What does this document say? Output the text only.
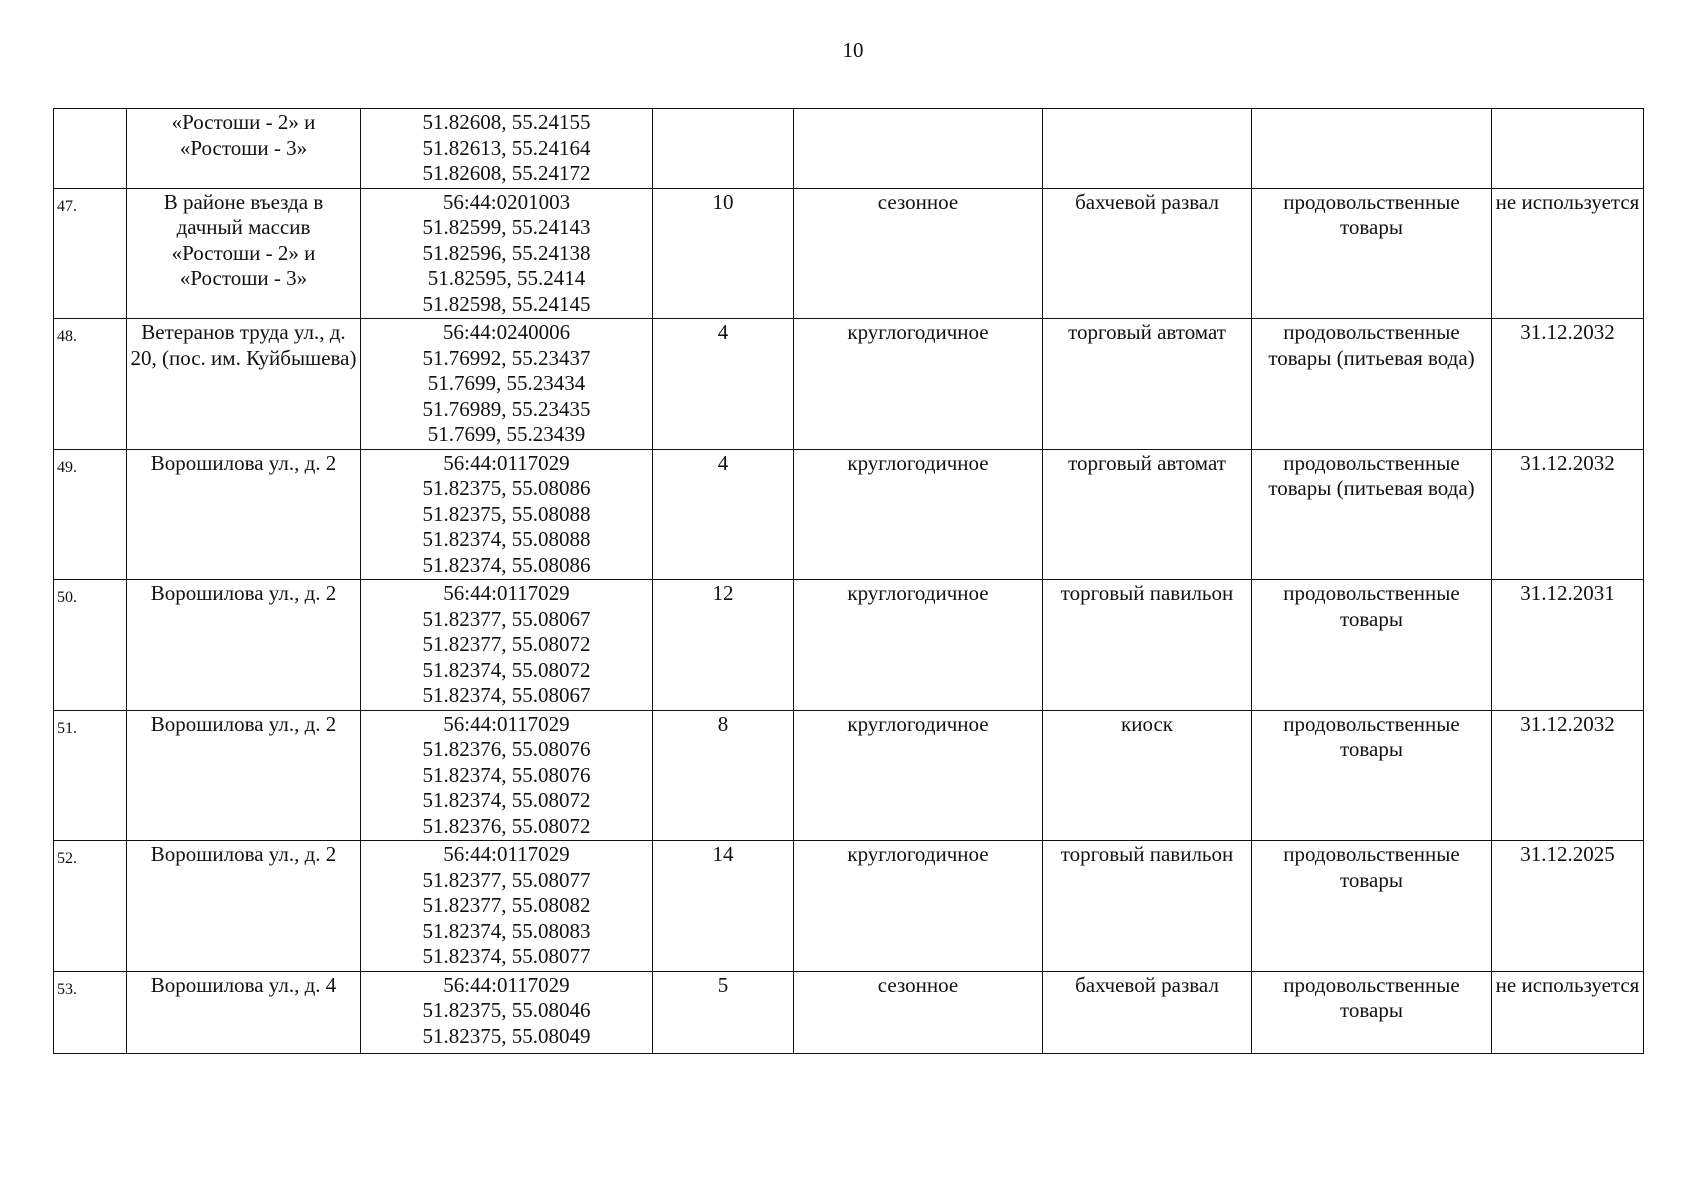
10

	«Ростоши - 2» и «Ростоши - 3»	51.82608, 55.24155
51.82613, 55.24164
51.82608, 55.24172					

47.	В районе въезда в дачный массив «Ростоши - 2» и «Ростоши - 3»	56:44:0201003
51.82599, 55.24143
51.82596, 55.24138
51.82595, 55.2414
51.82598, 55.24145	10	сезонное	бахчевой развал	продовольственные товары	не используется

48.	Ветеранов труда ул., д. 20, (пос. им. Куйбышева)	56:44:0240006
51.76992, 55.23437
51.7699, 55.23434
51.76989, 55.23435
51.7699, 55.23439	4	круглогодичное	торговый автомат	продовольственные товары (питьевая вода)	31.12.2032

49.	Ворошилова ул., д. 2	56:44:0117029
51.82375, 55.08086
51.82375, 55.08088
51.82374, 55.08088
51.82374, 55.08086	4	круглогодичное	торговый автомат	продовольственные товары (питьевая вода)	31.12.2032

50.	Ворошилова ул., д. 2	56:44:0117029
51.82377, 55.08067
51.82377, 55.08072
51.82374, 55.08072
51.82374, 55.08067	12	круглогодичное	торговый павильон	продовольственные товары	31.12.2031

51.	Ворошилова ул., д. 2	56:44:0117029
51.82376, 55.08076
51.82374, 55.08076
51.82374, 55.08072
51.82376, 55.08072	8	круглогодичное	киоск	продовольственные товары	31.12.2032

52.	Ворошилова ул., д. 2	56:44:0117029
51.82377, 55.08077
51.82377, 55.08082
51.82374, 55.08083
51.82374, 55.08077	14	круглогодичное	торговый павильон	продовольственные товары	31.12.2025

53.	Ворошилова ул., д. 4	56:44:0117029
51.82375, 55.08046
51.82375, 55.08049	5	сезонное	бахчевой развал	продовольственные товары	не используется
